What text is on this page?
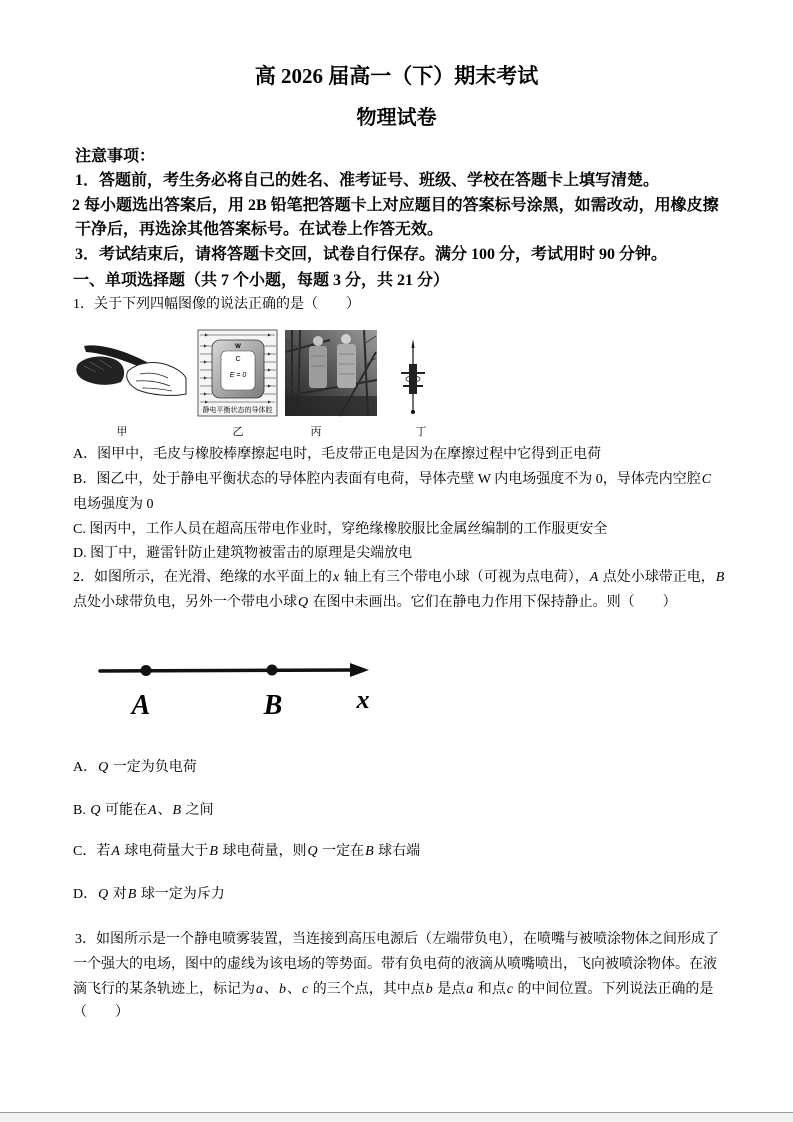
高 2026 届高一（下）期末考试
物理试卷
注意事项：
1．答题前，考生务必将自己的姓名、准考证号、班级、学校在答题卡上填写清楚。
2 每小题选出答案后，用 2B 铅笔把答题卡上对应题目的答案标号涂黑，如需改动，用橡皮擦
干净后，再选涂其他答案标号。在试卷上作答无效。
3．考试结束后，请将答题卡交回，试卷自行保存。满分 100 分，考试用时 90 分钟。
一、单项选择题（共 7 个小题，每题 3 分，共 21 分）
1．关于下列四幅图像的说法正确的是（　　）
W
C
E = 0
静电平衡状态的导体腔
甲	乙	丙	丁
A．图甲中，毛皮与橡胶棒摩擦起电时，毛皮带正电是因为在摩擦过程中它得到正电荷
B．图乙中，处于静电平衡状态的导体腔内表面有电荷，导体壳壁 W 内电场强度不为 0，导体壳内空腔C
电场强度为 0
C. 图丙中，工作人员在超高压带电作业时，穿绝缘橡胶服比金属丝编制的工作服更安全
D. 图丁中，避雷针防止建筑物被雷击的原理是尖端放电
2．如图所示，在光滑、绝缘的水平面上的x 轴上有三个带电小球（可视为点电荷），A 点处小球带正电，B
点处小球带负电，另外一个带电小球Q 在图中未画出。它们在静电力作用下保持静止。则（　　）
A	B	x
A．Q 一定为负电荷
B. Q 可能在A、B 之间
C．若A 球电荷量大于B 球电荷量，则Q 一定在B 球右端
D．Q 对B 球一定为斥力
3．如图所示是一个静电喷雾装置，当连接到高压电源后（左端带负电），在喷嘴与被喷涂物体之间形成了
一个强大的电场，图中的虚线为该电场的等势面。带有负电荷的液滴从喷嘴喷出，飞向被喷涂物体。在液
滴飞行的某条轨迹上，标记为a、b、c 的三个点，其中点b 是点a 和点c 的中间位置。下列说法正确的是
（　　）
